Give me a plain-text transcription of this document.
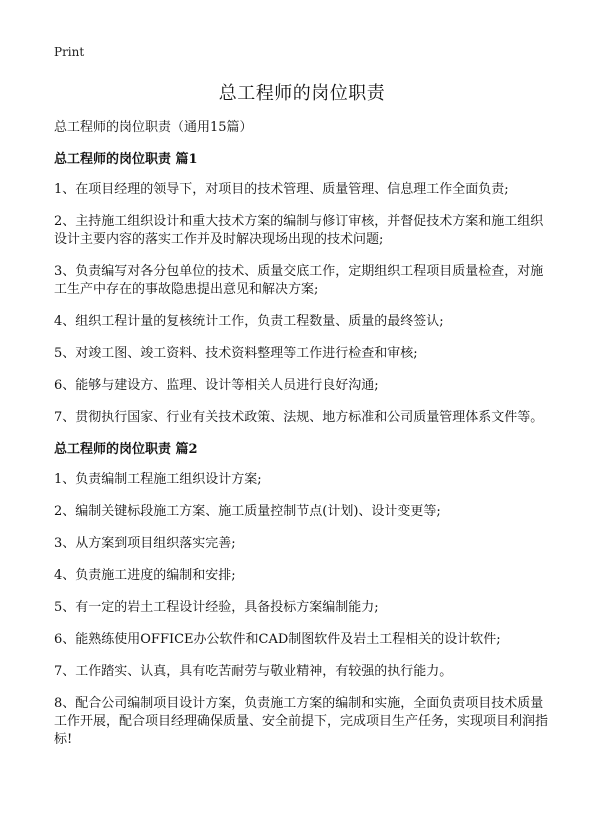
Print
总工程师的岗位职责
总工程师的岗位职责（通用15篇）
总工程师的岗位职责 篇1

1、在项目经理的领导下，对项目的技术管理、质量管理、信息理工作全面负责;

2、主持施工组织设计和重大技术方案的编制与修订审核，并督促技术方案和施工组织设计主要内容的落实工作并及时解决现场出现的技术问题;

3、负责编写对各分包单位的技术、质量交底工作，定期组织工程项目质量检查，对施工生产中存在的事故隐患提出意见和解决方案;

4、组织工程计量的复核统计工作，负责工程数量、质量的最终签认;

5、对竣工图、竣工资料、技术资料整理等工作进行检查和审核;

6、能够与建设方、监理、设计等相关人员进行良好沟通;

7、贯彻执行国家、行业有关技术政策、法规、地方标准和公司质量管理体系文件等。

总工程师的岗位职责 篇2

1、负责编制工程施工组织设计方案;

2、编制关键标段施工方案、施工质量控制节点(计划)、设计变更等;

3、从方案到项目组织落实完善;

4、负责施工进度的编制和安排;

5、有一定的岩土工程设计经验，具备投标方案编制能力;

6、能熟练使用OFFICE办公软件和CAD制图软件及岩土工程相关的设计软件;

7、工作踏实、认真，具有吃苦耐劳与敬业精神，有较强的执行能力。

8、配合公司编制项目设计方案，负责施工方案的编制和实施，全面负责项目技术质量工作开展，配合项目经理确保质量、安全前提下，完成项目生产任务，实现项目利润指标!
